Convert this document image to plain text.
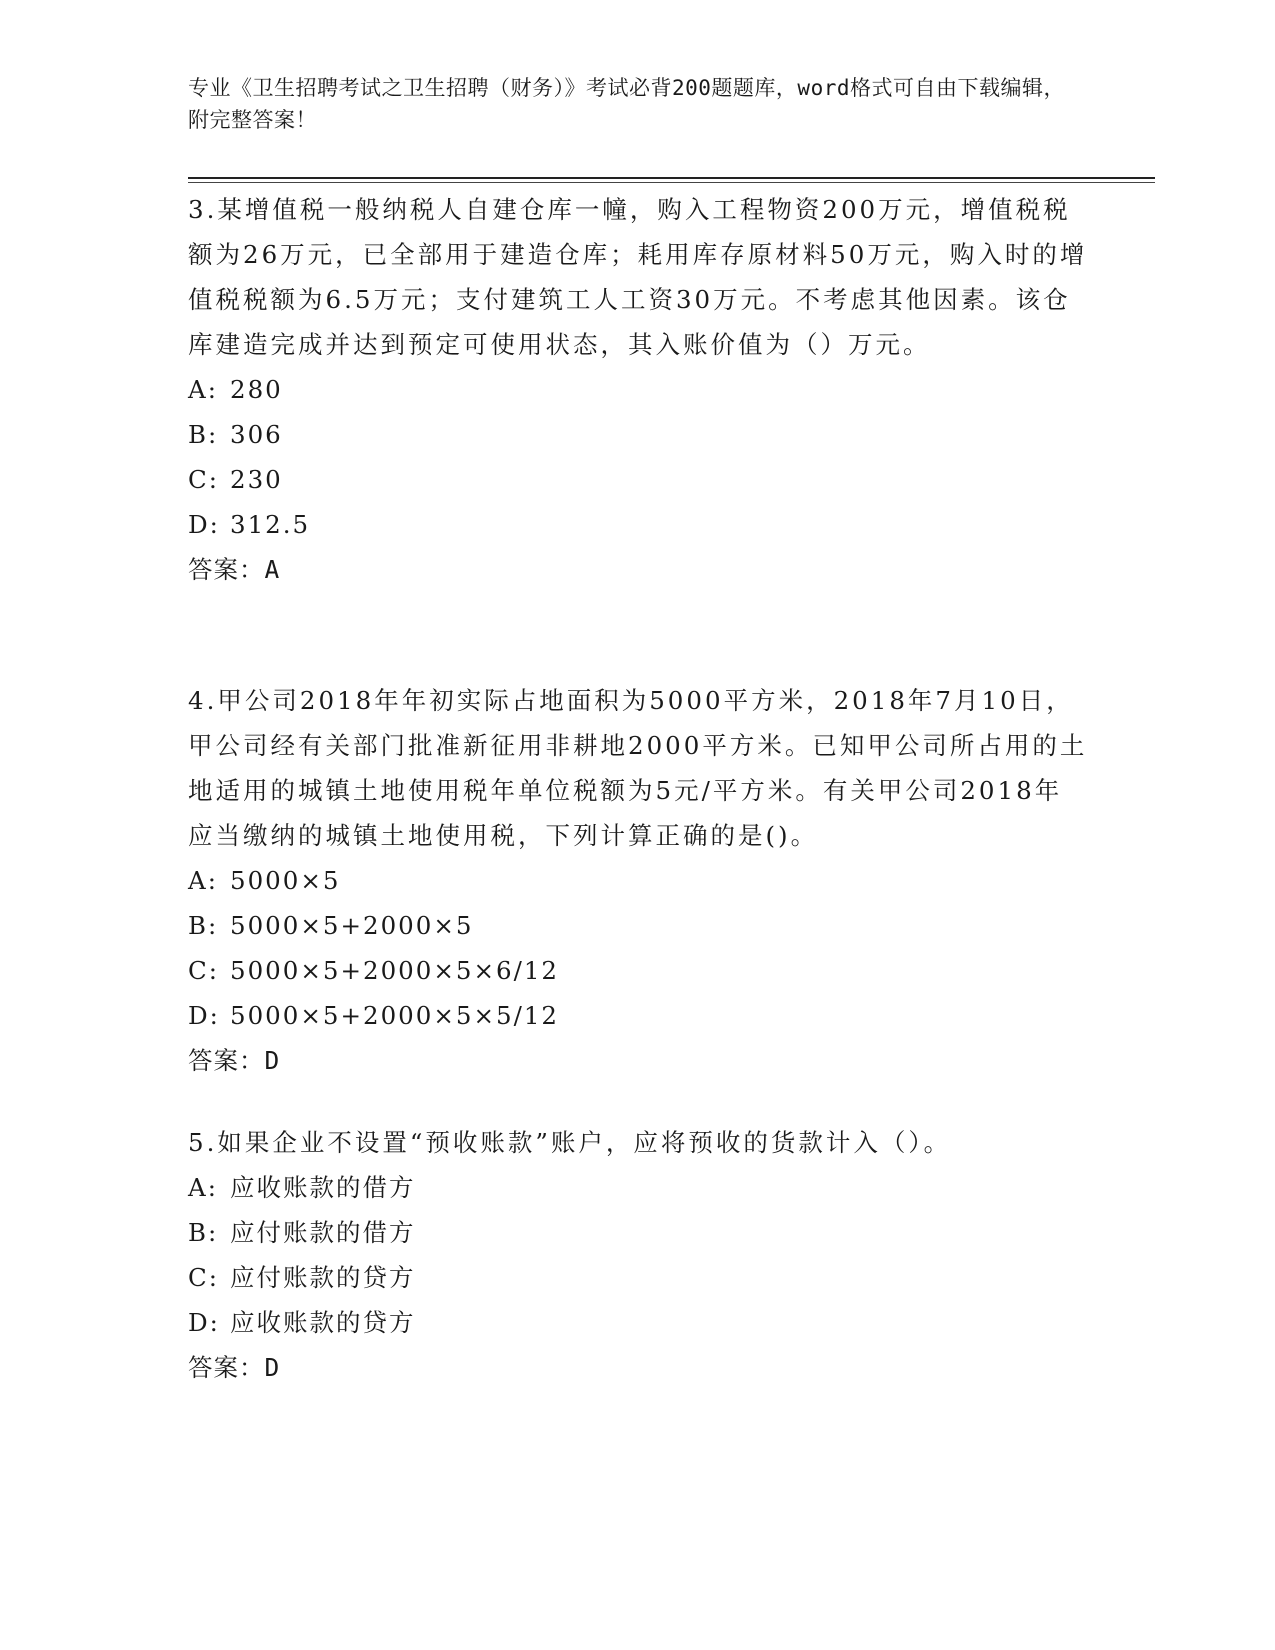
专业《卫生招聘考试之卫生招聘（财务）》考试必背200题题库，word格式可自由下载编辑，附完整答案！

3.某增值税一般纳税人自建仓库一幢，购入工程物资200万元，增值税税额为26万元，已全部用于建造仓库；耗用库存原材料50万元，购入时的增值税税额为6.5万元；支付建筑工人工资30万元。不考虑其他因素。该仓库建造完成并达到预定可使用状态，其入账价值为（）万元。

A: 280

B: 306

C: 230

D: 312.5

答案：A

4.甲公司2018年年初实际占地面积为5000平方米，2018年7月10日，甲公司经有关部门批准新征用非耕地2000平方米。已知甲公司所占用的土地适用的城镇土地使用税年单位税额为5元/平方米。有关甲公司2018年应当缴纳的城镇土地使用税，下列计算正确的是()。

A: 5000×5

B: 5000×5+2000×5

C: 5000×5+2000×5×6/12

D: 5000×5+2000×5×5/12

答案：D

5.如果企业不设置“预收账款”账户，应将预收的货款计入（）。

A: 应收账款的借方

B: 应付账款的借方

C: 应付账款的贷方

D: 应收账款的贷方

答案：D
